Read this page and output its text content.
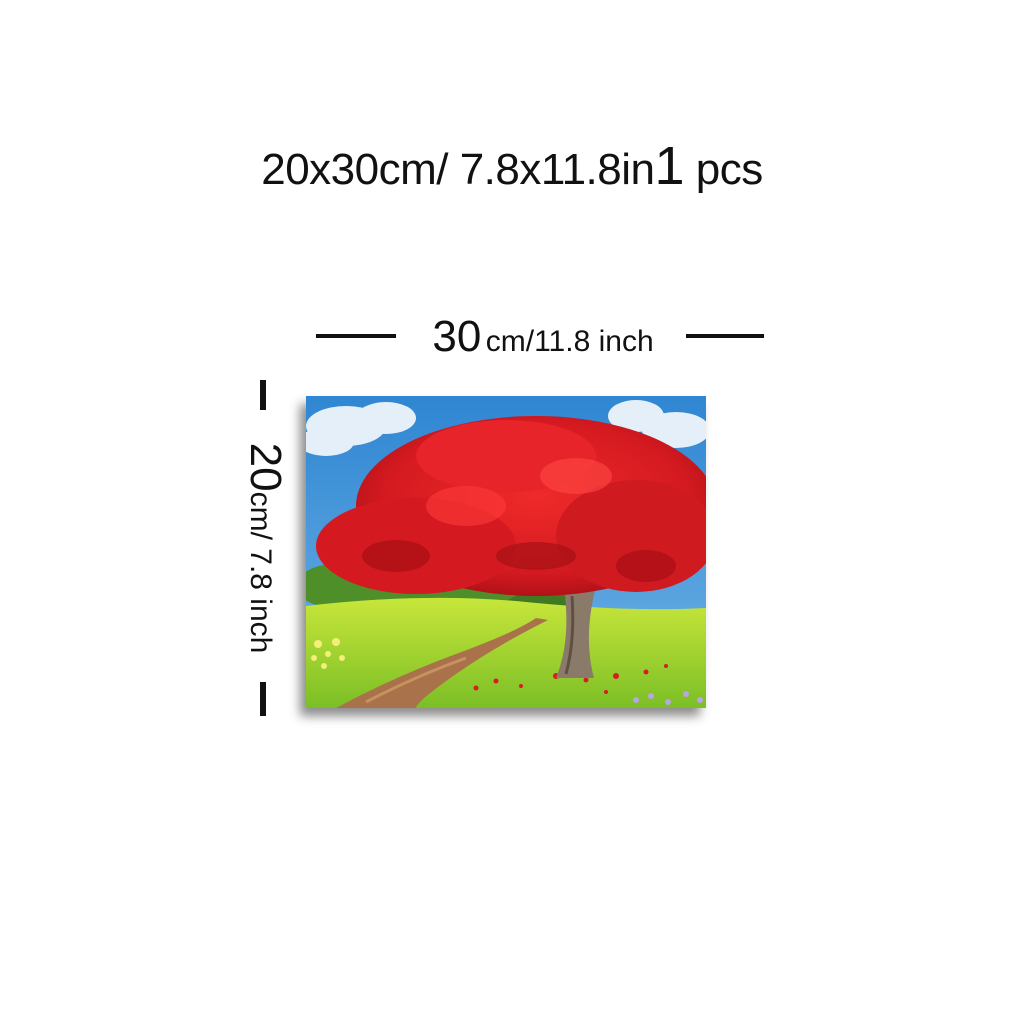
20x30cm/ 7.8x11.8in1 pcs
30 cm/11.8 inch
20cm/ 7.8 inch
